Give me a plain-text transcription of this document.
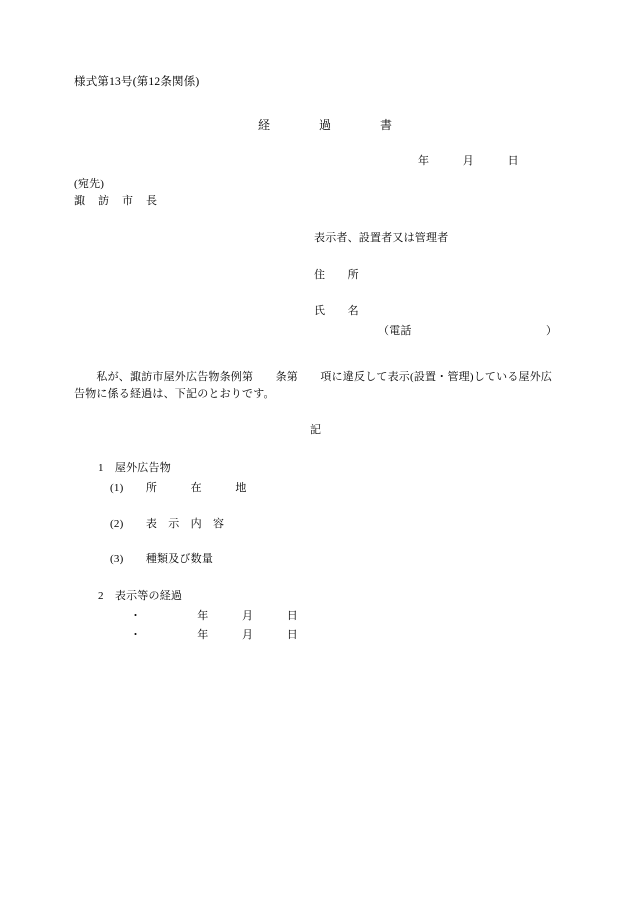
様式第13号(第12条関係)
経　　　　過　　　　書
年　　　月　　　日
(宛先)
諏　訪　市　長
表示者、設置者又は管理者
住　　所
氏　　名
（電話　　　　　　　　　　　　）
　　私が、諏訪市屋外広告物条例第　　条第　　項に違反して表示(設置・管理)している屋外広
告物に係る経過は、下記のとおりです。
記
1　屋外広告物
(1)　　所　　　在　　　地
(2)　　表　示　内　容
(3)　　種類及び数量
2　表示等の経過
・　　　　　年　　　月　　　日
・　　　　　年　　　月　　　日
